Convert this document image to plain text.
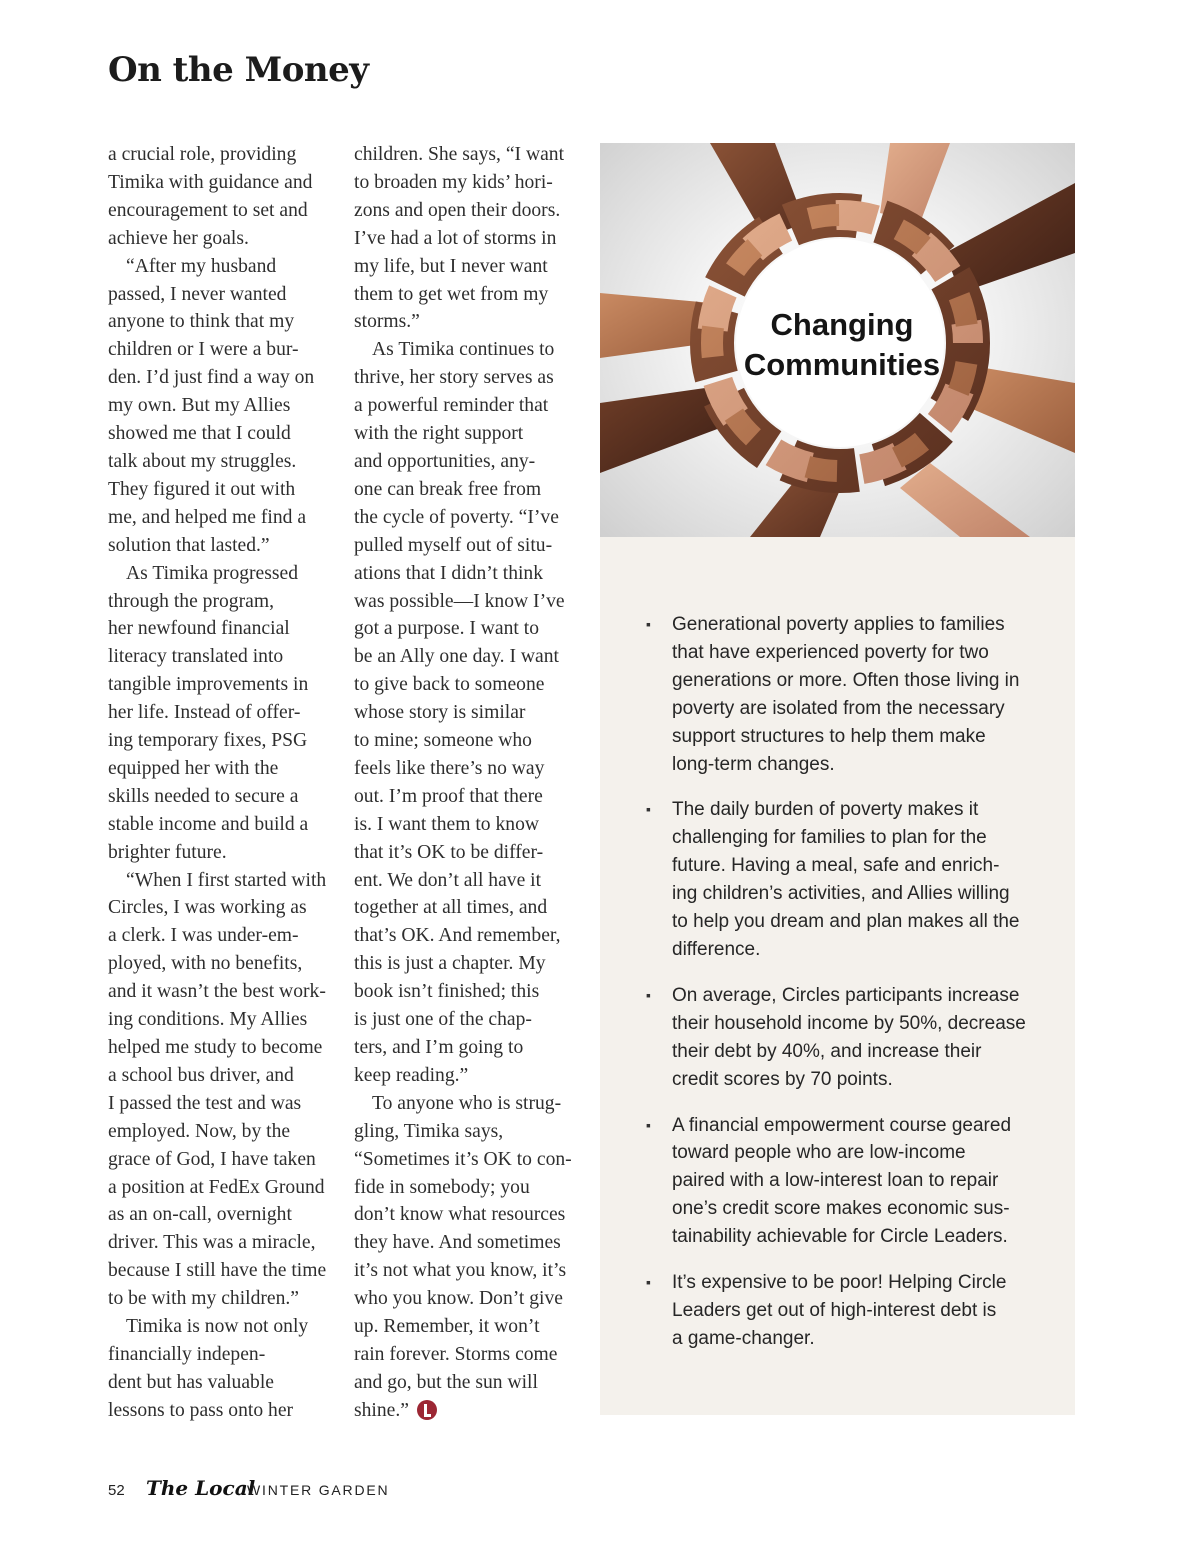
On the Money
a crucial role, providing
Timika with guidance and
encouragement to set and
achieve her goals.
“After my husband
passed, I never wanted
anyone to think that my
children or I were a bur-
den. I’d just find a way on
my own. But my Allies
showed me that I could
talk about my struggles.
They figured it out with
me, and helped me find a
solution that lasted.”
As Timika progressed
through the program,
her newfound financial
literacy translated into
tangible improvements in
her life. Instead of offer-
ing temporary fixes, PSG
equipped her with the
skills needed to secure a
stable income and build a
brighter future.
“When I first started with
Circles, I was working as
a clerk. I was under-em-
ployed, with no benefits,
and it wasn’t the best work-
ing conditions. My Allies
helped me study to become
a school bus driver, and
I passed the test and was
employed. Now, by the
grace of God, I have taken
a position at FedEx Ground
as an on-call, overnight
driver. This was a miracle,
because I still have the time
to be with my children.”
Timika is now not only
financially indepen-
dent but has valuable
lessons to pass onto her
children. She says, “I want
to broaden my kids’ hori-
zons and open their doors.
I’ve had a lot of storms in
my life, but I never want
them to get wet from my
storms.”
As Timika continues to
thrive, her story serves as
a powerful reminder that
with the right support
and opportunities, any-
one can break free from
the cycle of poverty. “I’ve
pulled myself out of situ-
ations that I didn’t think
was possible—I know I’ve
got a purpose. I want to
be an Ally one day. I want
to give back to someone
whose story is similar
to mine; someone who
feels like there’s no way
out. I’m proof that there
is. I want them to know
that it’s OK to be differ-
ent. We don’t all have it
together at all times, and
that’s OK. And remember,
this is just a chapter. My
book isn’t finished; this
is just one of the chap-
ters, and I’m going to
keep reading.”
To anyone who is strug-
gling, Timika says,
“Sometimes it’s OK to con-
fide in somebody; you
don’t know what resources
they have. And sometimes
it’s not what you know, it’s
who you know. Don’t give
up. Remember, it won’t
rain forever. Storms come
and go, but the sun will
shine.”
Changing
Communities
▪ Generational poverty applies to families
that have experienced poverty for two
generations or more. Often those living in
poverty are isolated from the necessary
support structures to help them make
long-term changes.
▪ The daily burden of poverty makes it
challenging for families to plan for the
future. Having a meal, safe and enrich-
ing children’s activities, and Allies willing
to help you dream and plan makes all the
difference.
▪ On average, Circles participants increase
their household income by 50%, decrease
their debt by 40%, and increase their
credit scores by 70 points.
▪ A financial empowerment course geared
toward people who are low-income
paired with a low-interest loan to repair
one’s credit score makes economic sus-
tainability achievable for Circle Leaders.
▪ It’s expensive to be poor! Helping Circle
Leaders get out of high-interest debt is
a game-changer.
52 The Local
WINTER GARDEN
